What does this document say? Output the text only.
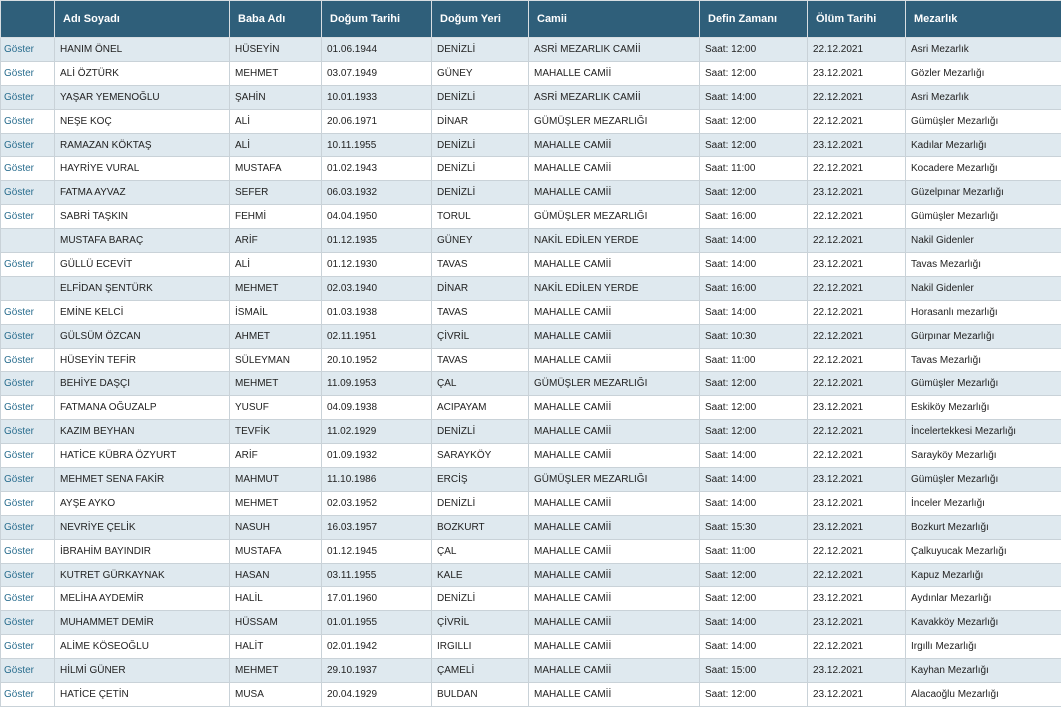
	Adı Soyadı	Baba Adı	Doğum Tarihi	Doğum Yeri	Camii	Defin Zamanı	Ölüm Tarihi	Mezarlık
Göster	HANIM ÖNEL	HÜSEYİN	01.06.1944	DENİZLİ	ASRİ MEZARLIK CAMİİ	Saat: 12:00	22.12.2021	Asri Mezarlık
Göster	ALİ ÖZTÜRK	MEHMET	03.07.1949	GÜNEY	MAHALLE CAMİİ	Saat: 12:00	23.12.2021	Gözler Mezarlığı
Göster	YAŞAR YEMENOĞLU	ŞAHİN	10.01.1933	DENİZLİ	ASRİ MEZARLIK CAMİİ	Saat: 14:00	22.12.2021	Asri Mezarlık
Göster	NEŞE KOÇ	ALİ	20.06.1971	DİNAR	GÜMÜŞLER MEZARLIĞI	Saat: 12:00	22.12.2021	Gümüşler Mezarlığı
Göster	RAMAZAN KÖKTAŞ	ALİ	10.11.1955	DENİZLİ	MAHALLE CAMİİ	Saat: 12:00	23.12.2021	Kadılar Mezarlığı
Göster	HAYRİYE VURAL	MUSTAFA	01.02.1943	DENİZLİ	MAHALLE CAMİİ	Saat: 11:00	22.12.2021	Kocadere Mezarlığı
Göster	FATMA AYVAZ	SEFER	06.03.1932	DENİZLİ	MAHALLE CAMİİ	Saat: 12:00	23.12.2021	Güzelpınar Mezarlığı
Göster	SABRİ TAŞKIN	FEHMİ	04.04.1950	TORUL	GÜMÜŞLER MEZARLIĞI	Saat: 16:00	22.12.2021	Gümüşler Mezarlığı
	MUSTAFA BARAÇ	ARİF	01.12.1935	GÜNEY	NAKİL EDİLEN YERDE	Saat: 14:00	22.12.2021	Nakil Gidenler
Göster	GÜLLÜ ECEVİT	ALİ	01.12.1930	TAVAS	MAHALLE CAMİİ	Saat: 14:00	23.12.2021	Tavas Mezarlığı
	ELFİDAN ŞENTÜRK	MEHMET	02.03.1940	DİNAR	NAKİL EDİLEN YERDE	Saat: 16:00	22.12.2021	Nakil Gidenler
Göster	EMİNE KELCİ	İSMAİL	01.03.1938	TAVAS	MAHALLE CAMİİ	Saat: 14:00	22.12.2021	Horasanlı mezarlığı
Göster	GÜLSÜM ÖZCAN	AHMET	02.11.1951	ÇİVRİL	MAHALLE CAMİİ	Saat: 10:30	22.12.2021	Gürpınar Mezarlığı
Göster	HÜSEYİN TEFİR	SÜLEYMAN	20.10.1952	TAVAS	MAHALLE CAMİİ	Saat: 11:00	22.12.2021	Tavas Mezarlığı
Göster	BEHİYE DAŞÇI	MEHMET	11.09.1953	ÇAL	GÜMÜŞLER MEZARLIĞI	Saat: 12:00	22.12.2021	Gümüşler Mezarlığı
Göster	FATMANA OĞUZALP	YUSUF	04.09.1938	ACIPAYAM	MAHALLE CAMİİ	Saat: 12:00	23.12.2021	Eskiköy Mezarlığı
Göster	KAZIM BEYHAN	TEVFİK	11.02.1929	DENİZLİ	MAHALLE CAMİİ	Saat: 12:00	22.12.2021	İncelertekkesi Mezarlığı
Göster	HATİCE KÜBRA ÖZYURT	ARİF	01.09.1932	SARAYKÖY	MAHALLE CAMİİ	Saat: 14:00	22.12.2021	Sarayköy Mezarlığı
Göster	MEHMET SENA FAKİR	MAHMUT	11.10.1986	ERCİŞ	GÜMÜŞLER MEZARLIĞI	Saat: 14:00	23.12.2021	Gümüşler Mezarlığı
Göster	AYŞE AYKO	MEHMET	02.03.1952	DENİZLİ	MAHALLE CAMİİ	Saat: 14:00	23.12.2021	İnceler Mezarlığı
Göster	NEVRİYE ÇELİK	NASUH	16.03.1957	BOZKURT	MAHALLE CAMİİ	Saat: 15:30	23.12.2021	Bozkurt Mezarlığı
Göster	İBRAHİM BAYINDIR	MUSTAFA	01.12.1945	ÇAL	MAHALLE CAMİİ	Saat: 11:00	22.12.2021	Çalkuyucak Mezarlığı
Göster	KUTRET GÜRKAYNAK	HASAN	03.11.1955	KALE	MAHALLE CAMİİ	Saat: 12:00	22.12.2021	Kapuz Mezarlığı
Göster	MELİHA AYDEMİR	HALİL	17.01.1960	DENİZLİ	MAHALLE CAMİİ	Saat: 12:00	23.12.2021	Aydınlar Mezarlığı
Göster	MUHAMMET DEMİR	HÜSSAM	01.01.1955	ÇİVRİL	MAHALLE CAMİİ	Saat: 14:00	23.12.2021	Kavakköy Mezarlığı
Göster	ALİME KÖSEOĞLU	HALİT	02.01.1942	IRGILLI	MAHALLE CAMİİ	Saat: 14:00	22.12.2021	Irgıllı Mezarlığı
Göster	HİLMİ GÜNER	MEHMET	29.10.1937	ÇAMELİ	MAHALLE CAMİİ	Saat: 15:00	23.12.2021	Kayhan Mezarlığı
Göster	HATİCE ÇETİN	MUSA	20.04.1929	BULDAN	MAHALLE CAMİİ	Saat: 12:00	23.12.2021	Alacaoğlu Mezarlığı
